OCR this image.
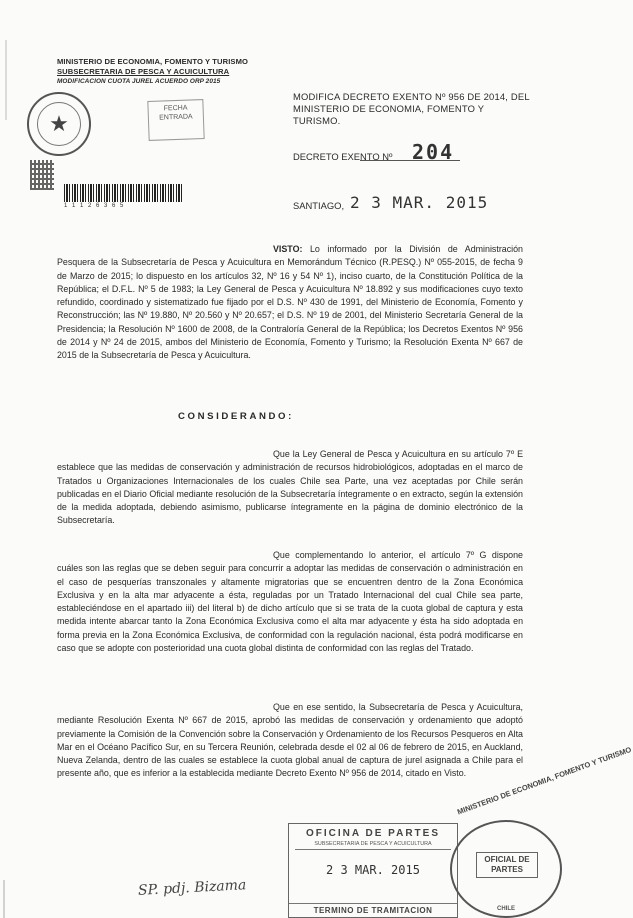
MINISTERIO DE ECONOMIA, FOMENTO Y TURISMO
SUBSECRETARIA DE PESCA Y ACUICULTURA
MODIFICACION CUOTA JUREL ACUERDO ORP 2015
★
FECHA
ENTRADA
1 1 1 2 6 3 6 5
MODIFICA DECRETO EXENTO Nº 956 DE 2014, DEL MINISTERIO DE ECONOMIA, FOMENTO Y TURISMO.
DECRETO EXENTO Nº 204
SANTIAGO, 2 3 MAR. 2015
VISTO: Lo informado por la División de Administración Pesquera de la Subsecretaría de Pesca y Acuicultura en Memorándum Técnico (R.PESQ.) Nº 055-2015, de fecha 9 de Marzo de 2015; lo dispuesto en los artículos 32, Nº 16 y 54 Nº 1), inciso cuarto, de la Constitución Política de la República; el D.F.L. Nº 5 de 1983; la Ley General de Pesca y Acuicultura Nº 18.892 y sus modificaciones cuyo texto refundido, coordinado y sistematizado fue fijado por el D.S. Nº 430 de 1991, del Ministerio de Economía, Fomento y Reconstrucción; las Nº 19.880, Nº 20.560 y Nº 20.657; el D.S. Nº 19 de 2001, del Ministerio Secretaría General de la Presidencia; la Resolución Nº 1600 de 2008, de la Contraloría General de la República; los Decretos Exentos Nº 956 de 2014 y Nº 24 de 2015, ambos del Ministerio de Economía, Fomento y Turismo; la Resolución Exenta Nº 667 de 2015 de la Subsecretaría de Pesca y Acuicultura.
CONSIDERANDO:
Que la Ley General de Pesca y Acuicultura en su artículo 7º E establece que las medidas de conservación y administración de recursos hidrobiológicos, adoptadas en el marco de Tratados u Organizaciones Internacionales de los cuales Chile sea Parte, una vez aceptadas por Chile serán publicadas en el Diario Oficial mediante resolución de la Subsecretaría íntegramente o en extracto, según la extensión de la medida adoptada, debiendo asimismo, publicarse íntegramente en la página de dominio electrónico de la Subsecretaría.
Que complementando lo anterior, el artículo 7º G dispone cuáles son las reglas que se deben seguir para concurrir a adoptar las medidas de conservación o administración en el caso de pesquerías transzonales y altamente migratorias que se encuentren dentro de la Zona Económica Exclusiva y en la alta mar adyacente a ésta, reguladas por un Tratado Internacional del cual Chile sea parte, estableciéndose en el apartado iii) del literal b) de dicho artículo que si se trata de la cuota global de captura y esta medida intente abarcar tanto la Zona Económica Exclusiva como el alta mar adyacente y ésta ha sido adoptada en forma previa en la Zona Económica Exclusiva, de conformidad con la regulación nacional, ésta podrá modificarse en caso que se adopte con posterioridad una cuota global distinta de conformidad con las reglas del Tratado.
Que en ese sentido, la Subsecretaría de Pesca y Acuicultura, mediante Resolución Exenta Nº 667 de 2015, aprobó las medidas de conservación y ordenamiento que adoptó previamente la Comisión de la Convención sobre la Conservación y Ordenamiento de los Recursos Pesqueros en Alta Mar en el Océano Pacífico Sur, en su Tercera Reunión, celebrada desde el 02 al 06 de febrero de 2015, en Auckland, Nueva Zelanda, dentro de las cuales se establece la cuota global anual de captura de jurel asignada a Chile para el presente año, que es inferior a la establecida mediante Decreto Exento Nº 956 de 2014, citado en Visto.
OFICINA DE PARTES
SUBSECRETARIA DE PESCA Y ACUICULTURA
2 3 MAR. 2015
TERMINO DE TRAMITACION
MINISTERIO DE ECONOMIA, FOMENTO Y TURISMO
OFICIAL DE PARTES
CHILE
SP. pdj. Bizama
